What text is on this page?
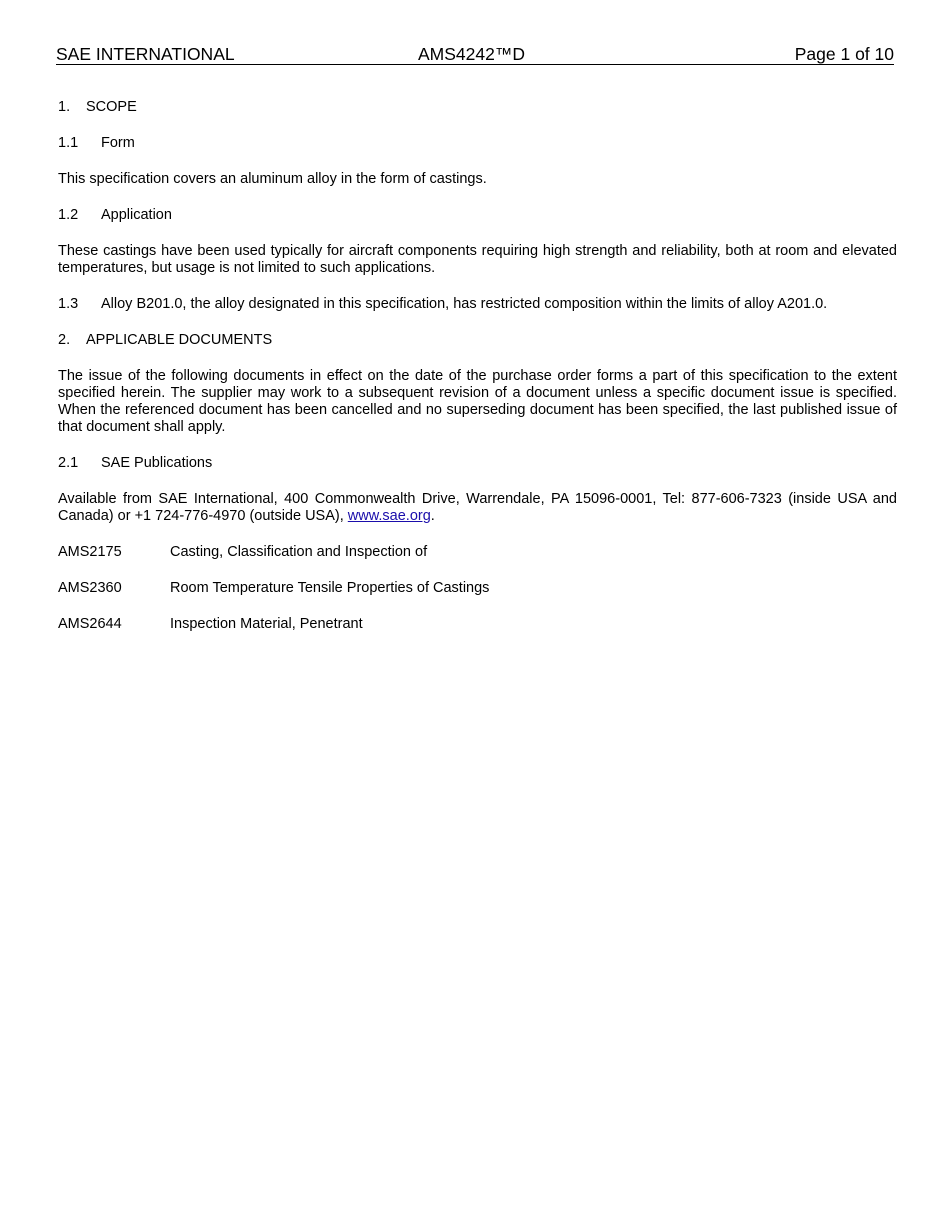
SAE INTERNATIONAL	AMS4242™D	Page 1 of 10

1.	SCOPE

1.1	Form

This specification covers an aluminum alloy in the form of castings.

1.2	Application

These castings have been used typically for aircraft components requiring high strength and reliability, both at room and elevated temperatures, but usage is not limited to such applications.

1.3	Alloy B201.0, the alloy designated in this specification, has restricted composition within the limits of alloy A201.0.

2.	APPLICABLE DOCUMENTS

The issue of the following documents in effect on the date of the purchase order forms a part of this specification to the extent specified herein. The supplier may work to a subsequent revision of a document unless a specific document issue is specified. When the referenced document has been cancelled and no superseding document has been specified, the last published issue of that document shall apply.

2.1	SAE Publications

Available from SAE International, 400 Commonwealth Drive, Warrendale, PA 15096-0001, Tel: 877-606-7323 (inside USA and Canada) or +1 724-776-4970 (outside USA), www.sae.org.

AMS2175	Casting, Classification and Inspection of

AMS2360	Room Temperature Tensile Properties of Castings

AMS2644	Inspection Material, Penetrant
